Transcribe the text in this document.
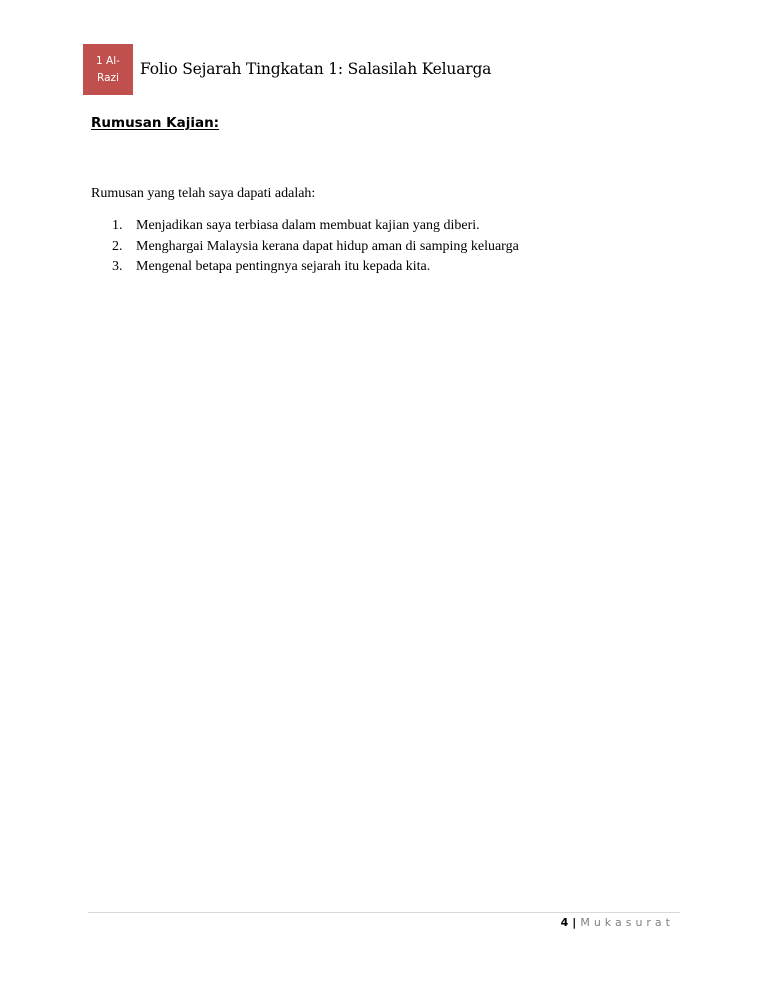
1 Al-
Razi	Folio Sejarah Tingkatan 1: Salasilah Keluarga
Rumusan Kajian:
Rumusan yang telah saya dapati adalah:
1. Menjadikan saya terbiasa dalam membuat kajian yang diberi.
2. Menghargai Malaysia kerana dapat hidup aman di samping keluarga
3. Mengenal betapa pentingnya sejarah itu kepada kita.
4 | Mukasurat
